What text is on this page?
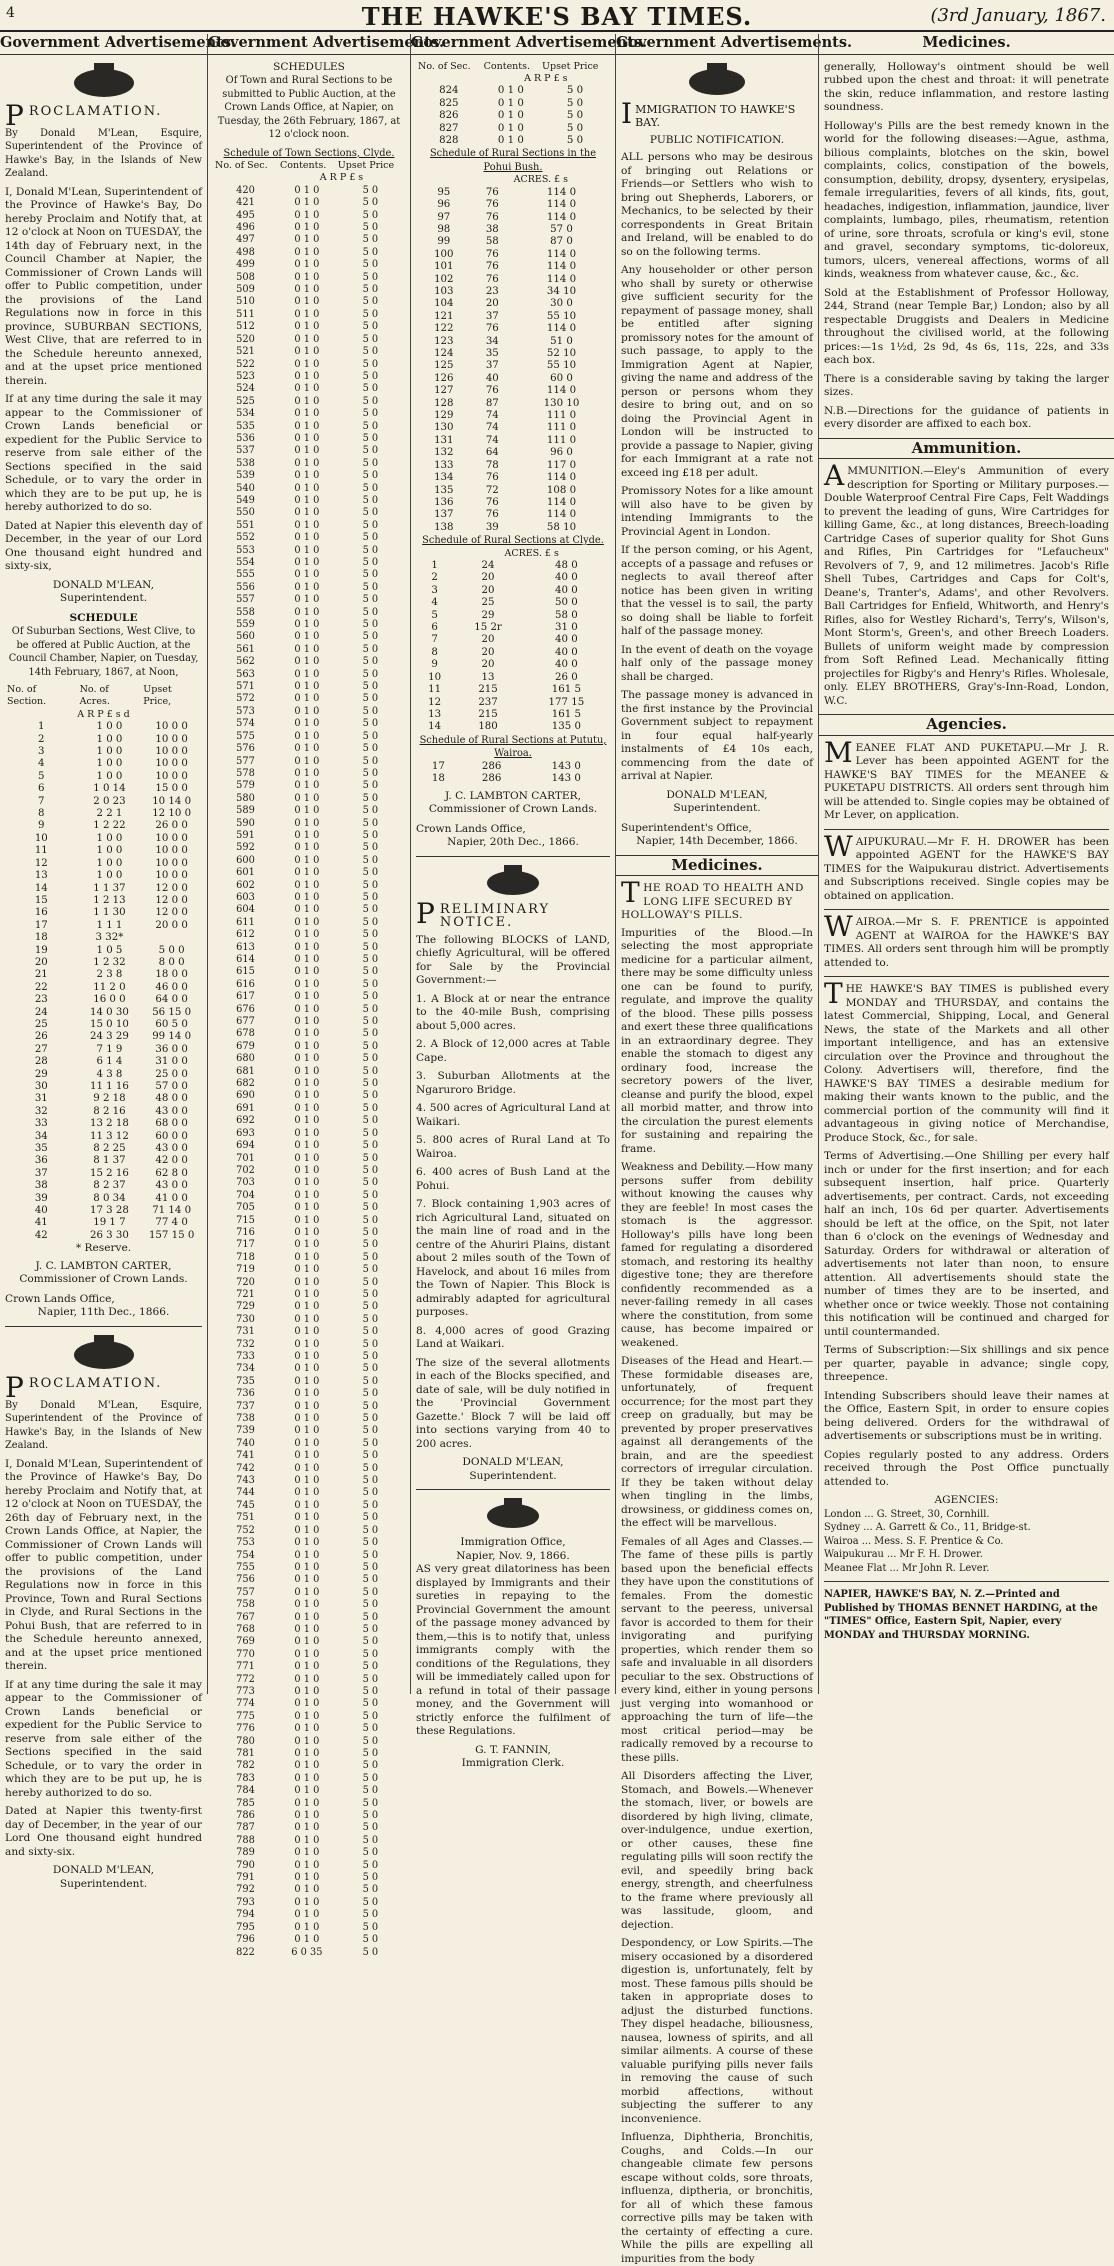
4	THE HAWKE'S BAY TIMES.	(3rd January, 1867.
Government Advertisements.
PROCLAMATION.

By Donald M'Lean, Esquire, Superintendent of the Province of Hawke's Bay, in the Islands of New Zealand.

I, Donald M'Lean, Superintendent of the Province of Hawke's Bay, Do hereby Proclaim and Notify that, at 12 o'clock at Noon on TUESDAY, the 14th day of February next, in the Council Chamber at Napier, the Commissioner of Crown Lands will offer to Public competition, under the provisions of the Land Regulations now in force in this province, SUBURBAN SECTIONS, West Clive, that are referred to in the Schedule hereunto annexed, and at the upset price mentioned therein.

If at any time during the sale it may appear to the Commissioner of Crown Lands beneficial or expedient for the Public Service to reserve from sale either of the Sections specified in the said Schedule, or to vary the order in which they are to be put up, he is hereby authorized to do so.

Dated at Napier this eleventh day of December, in the year of our Lord One thousand eight hundred and sixty-six,

DONALD M'LEAN,
Superintendent.
SCHEDULE

Of Suburban Sections, West Clive, to be offered at Public Auction, at the Council Chamber, Napier, on Tuesday, 14th February, 1867, at Noon,

No. of Section.	No. of Acres.	Upset Price,
A R P £ s d		
1	1 0 0	10 0 0
2	1 0 0	10 0 0
3	1 0 0	10 0 0
4	1 0 0	10 0 0
5	1 0 0	10 0 0
6	1 0 14	15 0 0
7	2 0 23	10 14 0
8	2 2 1	12 10 0
9	1 2 22	26 0 0
10	1 0 0	10 0 0
11	1 0 0	10 0 0
12	1 0 0	10 0 0
13	1 0 0	10 0 0
14	1 1 37	12 0 0
15	1 2 13	12 0 0
16	1 1 30	12 0 0
17	1 1 1	20 0 0
18	3 32*	
19	1 0 5	5 0 0
20	1 2 32	8 0 0
21	2 3 8	18 0 0
22	11 2 0	46 0 0
23	16 0 0	64 0 0
24	14 0 30	56 15 0
25	15 0 10	60 5 0
26	24 3 29	99 14 0
27	7 1 9	36 0 0
28	6 1 4	31 0 0
29	4 3 8	25 0 0
30	11 1 16	57 0 0
31	9 2 18	48 0 0
32	8 2 16	43 0 0
33	13 2 18	68 0 0
34	11 3 12	60 0 0
35	8 2 25	43 0 0
36	8 1 37	42 0 0
37	15 2 16	62 8 0
38	8 2 37	43 0 0
39	8 0 34	41 0 0
40	17 3 28	71 14 0
41	19 1 7	77 4 0
42	26 3 30	157 15 0
* Reserve.
J. C. LAMBTON CARTER,
Commissioner of Crown Lands.
Crown Lands Office,
Napier, 11th Dec., 1866.
PROCLAMATION.

By Donald M'Lean, Esquire, Superintendent of the Province of Hawke's Bay, in the Islands of New Zealand.

I, Donald M'Lean, Superintendent of the Province of Hawke's Bay, Do hereby Proclaim and Notify that, at 12 o'clock at Noon on TUESDAY, the 26th day of February next, in the Crown Lands Office, at Napier, the Commissioner of Crown Lands will offer to public competition, under the provisions of the Land Regulations now in force in this Province, Town and Rural Sections in Clyde, and Rural Sections in the Pohui Bush, that are referred to in the Schedule hereunto annexed, and at the upset price mentioned therein.

If at any time during the sale it may appear to the Commissioner of Crown Lands beneficial or expedient for the Public Service to reserve from sale either of the Sections specified in the said Schedule, or to vary the order in which they are to be put up, he is hereby authorized to do so.

Dated at Napier this twenty-first day of December, in the year of our Lord One thousand eight hundred and sixty-six.

DONALD M'LEAN,
Superintendent.
Government Advertisements.
SCHEDULES

Of Town and Rural Sections to be submitted to Public Auction, at the Crown Lands Office, at Napier, on Tuesday, the 26th February, 1867, at 12 o'clock noon.

Schedule of Town Sections, Clyde.
No. of Sec.	Contents.	Upset Price
	A R P £ s	
420	0 1 0	5 0
421	0 1 0	5 0
495	0 1 0	5 0
496	0 1 0	5 0
497	0 1 0	5 0
498	0 1 0	5 0
499	0 1 0	5 0
508	0 1 0	5 0
509	0 1 0	5 0
510	0 1 0	5 0
511	0 1 0	5 0
512	0 1 0	5 0
520	0 1 0	5 0
521	0 1 0	5 0
522	0 1 0	5 0
523	0 1 0	5 0
524	0 1 0	5 0
525	0 1 0	5 0
534	0 1 0	5 0
535	0 1 0	5 0
536	0 1 0	5 0
537	0 1 0	5 0
538	0 1 0	5 0
539	0 1 0	5 0
540	0 1 0	5 0
549	0 1 0	5 0
550	0 1 0	5 0
551	0 1 0	5 0
552	0 1 0	5 0
553	0 1 0	5 0
554	0 1 0	5 0
555	0 1 0	5 0
556	0 1 0	5 0
557	0 1 0	5 0
558	0 1 0	5 0
559	0 1 0	5 0
560	0 1 0	5 0
561	0 1 0	5 0
562	0 1 0	5 0
563	0 1 0	5 0
571	0 1 0	5 0
572	0 1 0	5 0
573	0 1 0	5 0
574	0 1 0	5 0
575	0 1 0	5 0
576	0 1 0	5 0
577	0 1 0	5 0
578	0 1 0	5 0
579	0 1 0	5 0
580	0 1 0	5 0
589	0 1 0	5 0
590	0 1 0	5 0
591	0 1 0	5 0
592	0 1 0	5 0
600	0 1 0	5 0
601	0 1 0	5 0
602	0 1 0	5 0
603	0 1 0	5 0
604	0 1 0	5 0
611	0 1 0	5 0
612	0 1 0	5 0
613	0 1 0	5 0
614	0 1 0	5 0
615	0 1 0	5 0
616	0 1 0	5 0
617	0 1 0	5 0
676	0 1 0	5 0
677	0 1 0	5 0
678	0 1 0	5 0
679	0 1 0	5 0
680	0 1 0	5 0
681	0 1 0	5 0
682	0 1 0	5 0
690	0 1 0	5 0
691	0 1 0	5 0
692	0 1 0	5 0
693	0 1 0	5 0
694	0 1 0	5 0
701	0 1 0	5 0
702	0 1 0	5 0
703	0 1 0	5 0
704	0 1 0	5 0
705	0 1 0	5 0
715	0 1 0	5 0
716	0 1 0	5 0
717	0 1 0	5 0
718	0 1 0	5 0
719	0 1 0	5 0
720	0 1 0	5 0
721	0 1 0	5 0
729	0 1 0	5 0
730	0 1 0	5 0
731	0 1 0	5 0
732	0 1 0	5 0
733	0 1 0	5 0
734	0 1 0	5 0
735	0 1 0	5 0
736	0 1 0	5 0
737	0 1 0	5 0
738	0 1 0	5 0
739	0 1 0	5 0
740	0 1 0	5 0
741	0 1 0	5 0
742	0 1 0	5 0
743	0 1 0	5 0
744	0 1 0	5 0
745	0 1 0	5 0
751	0 1 0	5 0
752	0 1 0	5 0
753	0 1 0	5 0
754	0 1 0	5 0
755	0 1 0	5 0
756	0 1 0	5 0
757	0 1 0	5 0
758	0 1 0	5 0
767	0 1 0	5 0
768	0 1 0	5 0
769	0 1 0	5 0
770	0 1 0	5 0
771	0 1 0	5 0
772	0 1 0	5 0
773	0 1 0	5 0
774	0 1 0	5 0
775	0 1 0	5 0
776	0 1 0	5 0
780	0 1 0	5 0
781	0 1 0	5 0
782	0 1 0	5 0
783	0 1 0	5 0
784	0 1 0	5 0
785	0 1 0	5 0
786	0 1 0	5 0
787	0 1 0	5 0
788	0 1 0	5 0
789	0 1 0	5 0
790	0 1 0	5 0
791	0 1 0	5 0
792	0 1 0	5 0
793	0 1 0	5 0
794	0 1 0	5 0
795	0 1 0	5 0
796	0 1 0	5 0
822	6 0 35	5 0
Government Advertisements.
No. of Sec.	Contents.	Upset Price
	A R P £ s	
824	0 1 0	5 0
825	0 1 0	5 0
826	0 1 0	5 0
827	0 1 0	5 0
828	0 1 0	5 0
Schedule of Rural Sections in the Pohui Bush.
	ACRES. £ s	
95	76	114 0
96	76	114 0
97	76	114 0
98	38	57 0
99	58	87 0
100	76	114 0
101	76	114 0
102	76	114 0
103	23	34 10
104	20	30 0
121	37	55 10
122	76	114 0
123	34	51 0
124	35	52 10
125	37	55 10
126	40	60 0
127	76	114 0
128	87	130 10
129	74	111 0
130	74	111 0
131	74	111 0
132	64	96 0
133	78	117 0
134	76	114 0
135	72	108 0
136	76	114 0
137	76	114 0
138	39	58 10
Schedule of Rural Sections at Clyde.
	ACRES. £ s	
1	24	48 0
2	20	40 0
3	20	40 0
4	25	50 0
5	29	58 0
6	15 2r	31 0
7	20	40 0
8	20	40 0
9	20	40 0
10	13	26 0
11	215	161 5
12	237	177 15
13	215	161 5
14	180	135 0
Schedule of Rural Sections at Pututu, Wairoa.
17	286	143 0
18	286	143 0
J. C. LAMBTON CARTER,
Commissioner of Crown Lands.
Crown Lands Office,
Napier, 20th Dec., 1866.
PRELIMINARY NOTICE.

The following BLOCKS of LAND, chiefly Agricultural, will be offered for Sale by the Provincial Government:—

1. A Block at or near the entrance to the 40-mile Bush, comprising about 5,000 acres.

2. A Block of 12,000 acres at Table Cape.

3. Suburban Allotments at the Ngaruroro Bridge.

4. 500 acres of Agricultural Land at Waikari.

5. 800 acres of Rural Land at To Wairoa.

6. 400 acres of Bush Land at the Pohui.

7. Block containing 1,903 acres of rich Agricultural Land, situated on the main line of road and in the centre of the Ahuriri Plains, distant about 2 miles south of the Town of Havelock, and about 16 miles from the Town of Napier. This Block is admirably adapted for agricultural purposes.

8. 4,000 acres of good Grazing Land at Waikari.

The size of the several allotments in each of the Blocks specified, and date of sale, will be duly notified in the 'Provincial Government Gazette.' Block 7 will be laid off into sections varying from 40 to 200 acres.

DONALD M'LEAN,
Superintendent.
Immigration Office,
Napier, Nov. 9, 1866.

AS very great dilatoriness has been displayed by Immigrants and their sureties in repaying to the Provincial Government the amount of the passage money advanced by them,—this is to notify that, unless immigrants comply with the conditions of the Regulations, they will be immediately called upon for a refund in total of their passage money, and the Government will strictly enforce the fulfilment of these Regulations.

G. T. FANNIN,
Immigration Clerk.
Government Advertisements.
IMMIGRATION TO HAWKE'S BAY.
PUBLIC NOTIFICATION.

ALL persons who may be desirous of bringing out Relations or Friends—or Settlers who wish to bring out Shepherds, Laborers, or Mechanics, to be selected by their correspondents in Great Britain and Ireland, will be enabled to do so on the following terms.

Any householder or other person who shall by surety or otherwise give sufficient security for the repayment of passage money, shall be entitled after signing promissory notes for the amount of such passage, to apply to the Immigration Agent at Napier, giving the name and address of the person or persons whom they desire to bring out, and on so doing the Provincial Agent in London will be instructed to provide a passage to Napier, giving for each Immigrant at a rate not exceed ing £18 per adult.

Promissory Notes for a like amount will also have to be given by intending Immigrants to the Provincial Agent in London.

If the person coming, or his Agent, accepts of a passage and refuses or neglects to avail thereof after notice has been given in writing that the vessel is to sail, the party so doing shall be liable to forfeit half of the passage money.

In the event of death on the voyage half only of the passage money shall be charged.

The passage money is advanced in the first instance by the Provincial Government subject to repayment in four equal half-yearly instalments of £4 10s each, commencing from the date of arrival at Napier.

DONALD M'LEAN,
Superintendent.
Superintendent's Office,
Napier, 14th December, 1866.
Medicines.
THE ROAD TO HEALTH AND LONG LIFE SECURED BY HOLLOWAY'S PILLS.

Impurities of the Blood.—In selecting the most appropriate medicine for a particular ailment, there may be some difficulty unless one can be found to purify, regulate, and improve the quality of the blood. These pills possess and exert these three qualifications in an extraordinary degree. They enable the stomach to digest any ordinary food, increase the secretory powers of the liver, cleanse and purify the blood, expel all morbid matter, and throw into the circulation the purest elements for sustaining and repairing the frame.

Weakness and Debility.—How many persons suffer from debility without knowing the causes why they are feeble! In most cases the stomach is the aggressor. Holloway's pills have long been famed for regulating a disordered stomach, and restoring its healthy digestive tone; they are therefore confidently recommended as a never-failing remedy in all cases where the constitution, from some cause, has become impaired or weakened.

Diseases of the Head and Heart.—These formidable diseases are, unfortunately, of frequent occurrence; for the most part they creep on gradually, but may be prevented by proper preservatives against all derangements of the brain, and are the speediest correctors of irregular circulation. If they be taken without delay when tingling in the limbs, drowsiness, or giddiness comes on, the effect will be marvellous.

Females of all Ages and Classes.—The fame of these pills is partly based upon the beneficial effects they have upon the constitutions of females. From the domestic servant to the peeress, universal favor is accorded to them for their invigorating and purifying properties, which render them so safe and invaluable in all disorders peculiar to the sex. Obstructions of every kind, either in young persons just verging into womanhood or approaching the turn of life—the most critical period—may be radically removed by a recourse to these pills.

All Disorders affecting the Liver, Stomach, and Bowels.—Whenever the stomach, liver, or bowels are disordered by high living, climate, over-indulgence, undue exertion, or other causes, these fine regulating pills will soon rectify the evil, and speedily bring back energy, strength, and cheerfulness to the frame where previously all was lassitude, gloom, and dejection.

Despondency, or Low Spirits.—The misery occasioned by a disordered digestion is, unfortunately, felt by most. These famous pills should be taken in appropriate doses to adjust the disturbed functions. They dispel headache, biliousness, nausea, lowness of spirits, and all similar ailments. A course of these valuable purifying pills never fails in removing the cause of such morbid affections, without subjecting the sufferer to any inconvenience.

Influenza, Diphtheria, Bronchitis, Coughs, and Colds.—In our changeable climate few persons escape without colds, sore throats, influenza, diptheria, or bronchitis, for all of which these famous corrective pills may be taken with the certainty of effecting a cure. While the pills are expelling all impurities from the body

Medicines.

generally, Holloway's ointment should be well rubbed upon the chest and throat: it will penetrate the skin, reduce inflammation, and restore lasting soundness.

Holloway's Pills are the best remedy known in the world for the following diseases:—Ague, asthma, bilious complaints, blotches on the skin, bowel complaints, colics, constipation of the bowels, consumption, debility, dropsy, dysentery, erysipelas, female irregularities, fevers of all kinds, fits, gout, headaches, indigestion, inflammation, jaundice, liver complaints, lumbago, piles, rheumatism, retention of urine, sore throats, scrofula or king's evil, stone and gravel, secondary symptoms, tic-doloreux, tumors, ulcers, venereal affections, worms of all kinds, weakness from whatever cause, &c., &c.

Sold at the Establishment of Professor Holloway, 244, Strand (near Temple Bar,) London; also by all respectable Druggists and Dealers in Medicine throughout the civilised world, at the following prices:—1s 1½d, 2s 9d, 4s 6s, 11s, 22s, and 33s each box.

There is a considerable saving by taking the larger sizes.

N.B.—Directions for the guidance of patients in every disorder are affixed to each box.

Ammunition.

AMMUNITION.—Eley's Ammunition of every description for Sporting or Military purposes.—Double Waterproof Central Fire Caps, Felt Waddings to prevent the leading of guns, Wire Cartridges for killing Game, &c., at long distances, Breech-loading Cartridge Cases of superior quality for Shot Guns and Rifles, Pin Cartridges for "Lefaucheux" Revolvers of 7, 9, and 12 milimetres. Jacob's Rifle Shell Tubes, Cartridges and Caps for Colt's, Deane's, Tranter's, Adams', and other Revolvers. Ball Cartridges for Enfield, Whitworth, and Henry's Rifles, also for Westley Richard's, Terry's, Wilson's, Mont Storm's, Green's, and other Breech Loaders. Bullets of uniform weight made by compression from Soft Refined Lead. Mechanically fitting projectiles for Rigby's and Henry's Rifles. Wholesale, only. ELEY BROTHERS, Gray's-Inn-Road, London, W.C.

Agencies.

MEANEE FLAT AND PUKETAPU.—Mr J. R. Lever has been appointed AGENT for the HAWKE'S BAY TIMES for the MEANEE & PUKETAPU DISTRICTS. All orders sent through him will be attended to. Single copies may be obtained of Mr Lever, on application.

WAIPUKURAU.—Mr F. H. DROWER has been appointed AGENT for the HAWKE'S BAY TIMES for the Waipukurau district. Advertisements and Subscriptions received. Single copies may be obtained on application.

WAIROA.—Mr S. F. PRENTICE is appointed AGENT at WAIROA for the HAWKE'S BAY TIMES. All orders sent through him will be promptly attended to.

THE HAWKE'S BAY TIMES is published every MONDAY and THURSDAY, and contains the latest Commercial, Shipping, Local, and General News, the state of the Markets and all other important intelligence, and has an extensive circulation over the Province and throughout the Colony. Advertisers will, therefore, find the HAWKE'S BAY TIMES a desirable medium for making their wants known to the public, and the commercial portion of the community will find it advantageous in giving notice of Merchandise, Produce Stock, &c., for sale.

Terms of Advertising.—One Shilling per every half inch or under for the first insertion; and for each subsequent insertion, half price. Quarterly advertisements, per contract. Cards, not exceeding half an inch, 10s 6d per quarter. Advertisements should be left at the office, on the Spit, not later than 6 o'clock on the evenings of Wednesday and Saturday. Orders for withdrawal or alteration of advertisements not later than noon, to ensure attention. All advertisements should state the number of times they are to be inserted, and whether once or twice weekly. Those not containing this notification will be continued and charged for until countermanded.

Terms of Subscription:—Six shillings and six pence per quarter, payable in advance; single copy, threepence.

Intending Subscribers should leave their names at the Office, Eastern Spit, in order to ensure copies being delivered. Orders for the withdrawal of advertisements or subscriptions must be in writing.

Copies regularly posted to any address. Orders received through the Post Office punctually attended to.

AGENCIES:
London ... G. Street, 30, Cornhill.
Sydney ... A. Garrett & Co., 11, Bridge-st.
Wairoa ... Mess. S. F. Prentice & Co.
Waipukurau ... Mr F. H. Drower.
Meanee Flat ... Mr John R. Lever.
NAPIER, HAWKE'S BAY, N. Z.—Printed and Published by THOMAS BENNET HARDING, at the "TIMES" Office, Eastern Spit, Napier, every MONDAY and THURSDAY MORNING.
